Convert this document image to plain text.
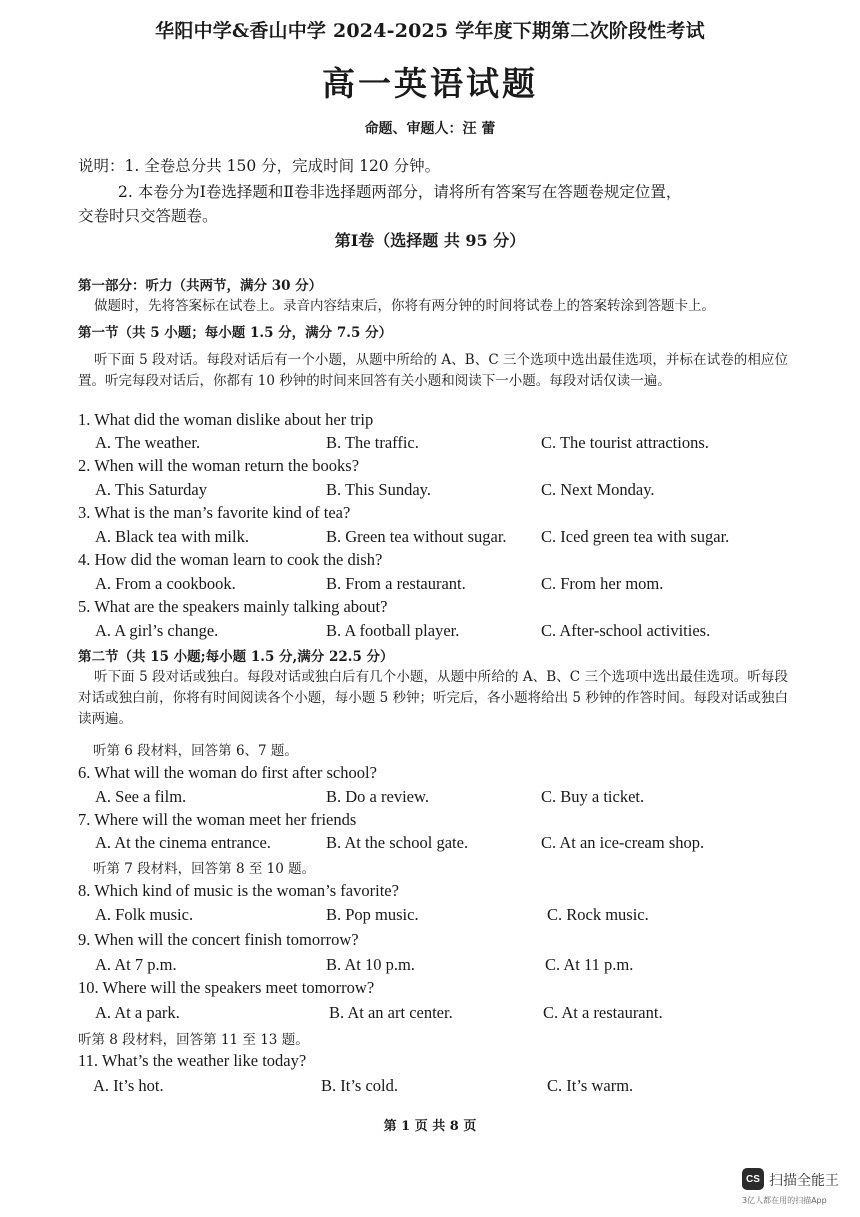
华阳中学&香山中学 2024-2025 学年度下期第二次阶段性考试
高一英语试题
命题、审题人：汪 蕾
说明：1. 全卷总分共 150 分，完成时间 120 分钟。
2. 本卷分为Ⅰ卷选择题和Ⅱ卷非选择题两部分，请将所有答案写在答题卷规定位置，
交卷时只交答题卷。
第Ⅰ卷（选择题 共 95 分）
第一部分：听力（共两节，满分 30 分）
做题时，先将答案标在试卷上。录音内容结束后，你将有两分钟的时间将试卷上的答案转涂到答题卡上。
第一节（共 5 小题；每小题 1.5 分，满分 7.5 分）
听下面 5 段对话。每段对话后有一个小题，从题中所给的 A、B、C 三个选项中选出最佳选项，并标在试卷的相应位置。听完每段对话后，你都有 10 秒钟的时间来回答有关小题和阅读下一小题。每段对话仅读一遍。
1. What did the woman dislike about her trip
A. The weather.	B. The traffic.	C. The tourist attractions.
2. When will the woman return the books?
A. This Saturday	B. This Sunday.	C. Next Monday.
3. What is the man’s favorite kind of tea?
A. Black tea with milk.	B. Green tea without sugar. C. Iced green tea with sugar.
4. How did the woman learn to cook the dish?
A. From a cookbook.	B. From a restaurant.	C. From her mom.
5. What are the speakers mainly talking about?
A. A girl’s change.	B. A football player.	C. After-school activities.
第二节（共 15 小题;每小题 1.5 分,满分 22.5 分）
听下面 5 段对话或独白。每段对话或独白后有几个小题，从题中所给的 A、B、C 三个选项中选出最佳选项。听每段对话或独白前，你将有时间阅读各个小题，每小题 5 秒钟；听完后，各小题将给出 5 秒钟的作答时间。每段对话或独白读两遍。
听第 6 段材料，回答第 6、7 题。
6. What will the woman do first after school?
A. See a film.	B. Do a review.	C. Buy a ticket.
7. Where will the woman meet her friends
A. At the cinema entrance.	B. At the school gate.	C. At an ice-cream shop.
听第 7 段材料，回答第 8 至 10 题。
8. Which kind of music is the woman’s favorite?
A. Folk music.	B. Pop music.	C. Rock music.
9. When will the concert finish tomorrow?
A. At 7 p.m.	B. At 10 p.m.	C. At 11 p.m.
10. Where will the speakers meet tomorrow?
A. At a park.	B. At an art center.	C. At a restaurant.
听第 8 段材料，回答第 11 至 13 题。
11. What’s the weather like today?
A. It’s hot.	B. It’s cold.	C. It’s warm.
第 1 页 共 8 页
CS 扫描全能王
3亿人都在用的扫描App
